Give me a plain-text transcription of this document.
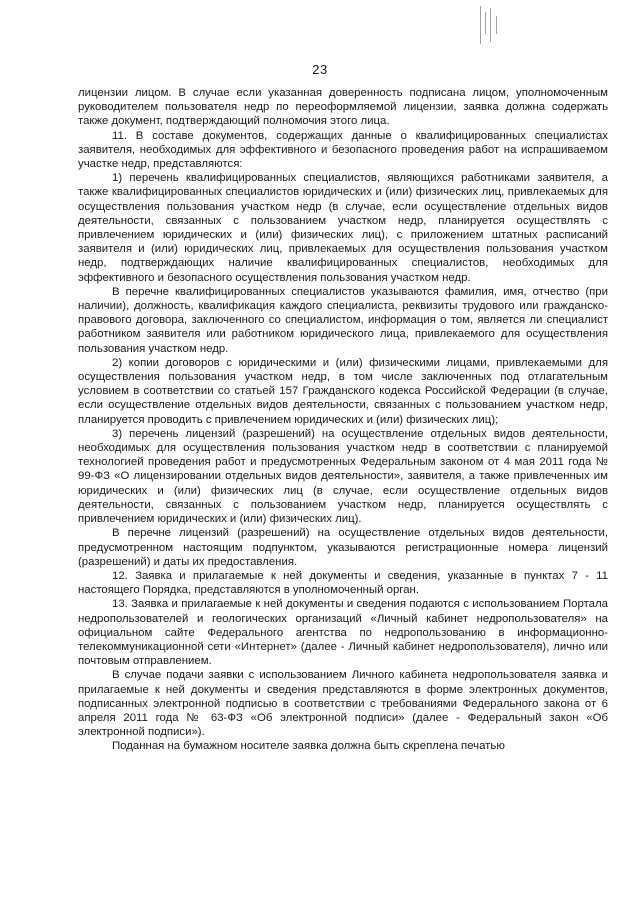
23

лицензии лицом. В случае если указанная доверенность подписана лицом, уполномоченным руководителем пользователя недр по переоформляемой лицензии, заявка должна содержать также документ, подтверждающий полномочия этого лица.

11. В составе документов, содержащих данные о квалифицированных специалистах заявителя, необходимых для эффективного и безопасного проведения работ на испрашиваемом участке недр, представляются:

1) перечень квалифицированных специалистов, являющихся работниками заявителя, а также квалифицированных специалистов юридических и (или) физических лиц, привлекаемых для осуществления пользования участком недр (в случае, если осуществление отдельных видов деятельности, связанных с пользованием участком недр, планируется осуществлять с привлечением юридических и (или) физических лиц), с приложением штатных расписаний заявителя и (или) юридических лиц, привлекаемых для осуществления пользования участком недр, подтверждающих наличие квалифицированных специалистов, необходимых для эффективного и безопасного осуществления пользования участком недр.

В перечне квалифицированных специалистов указываются фамилия, имя, отчество (при наличии), должность, квалификация каждого специалиста, реквизиты трудового или гражданско-правового договора, заключенного со специалистом, информация о том, является ли специалист работником заявителя или работником юридического лица, привлекаемого для осуществления пользования участком недр.

2) копии договоров с юридическими и (или) физическими лицами, привлекаемыми для осуществления пользования участком недр, в том числе заключенных под отлагательным условием в соответствии со статьей 157 Гражданского кодекса Российской Федерации (в случае, если осуществление отдельных видов деятельности, связанных с пользованием участком недр, планируется проводить с привлечением юридических и (или) физических лиц);

3) перечень лицензий (разрешений) на осуществление отдельных видов деятельности, необходимых для осуществления пользования участком недр в соответствии с планируемой технологией проведения работ и предусмотренных Федеральным законом от 4 мая 2011 года № 99-ФЗ «О лицензировании отдельных видов деятельности», заявителя, а также привлеченных им юридических и (или) физических лиц (в случае, если осуществление отдельных видов деятельности, связанных с пользованием участком недр, планируется осуществлять с привлечением юридических и (или) физических лиц).

В перечне лицензий (разрешений) на осуществление отдельных видов деятельности, предусмотренном настоящим подпунктом, указываются регистрационные номера лицензий (разрешений) и даты их предоставления.

12. Заявка и прилагаемые к ней документы и сведения, указанные в пунктах 7 - 11 настоящего Порядка, представляются в уполномоченный орган.

13. Заявка и прилагаемые к ней документы и сведения подаются с использованием Портала недропользователей и геологических организаций «Личный кабинет недропользователя» на официальном сайте Федерального агентства по недропользованию в информационно-телекоммуникационной сети «Интернет» (далее - Личный кабинет недропользователя), лично или почтовым отправлением.

В случае подачи заявки с использованием Личного кабинета недропользователя заявка и прилагаемые к ней документы и сведения представляются в форме электронных документов, подписанных электронной подписью в соответствии с требованиями Федерального закона от 6 апреля 2011 года № 63-ФЗ «Об электронной подписи» (далее - Федеральный закон «Об электронной подписи»).

Поданная на бумажном носителе заявка должна быть скреплена печатью
